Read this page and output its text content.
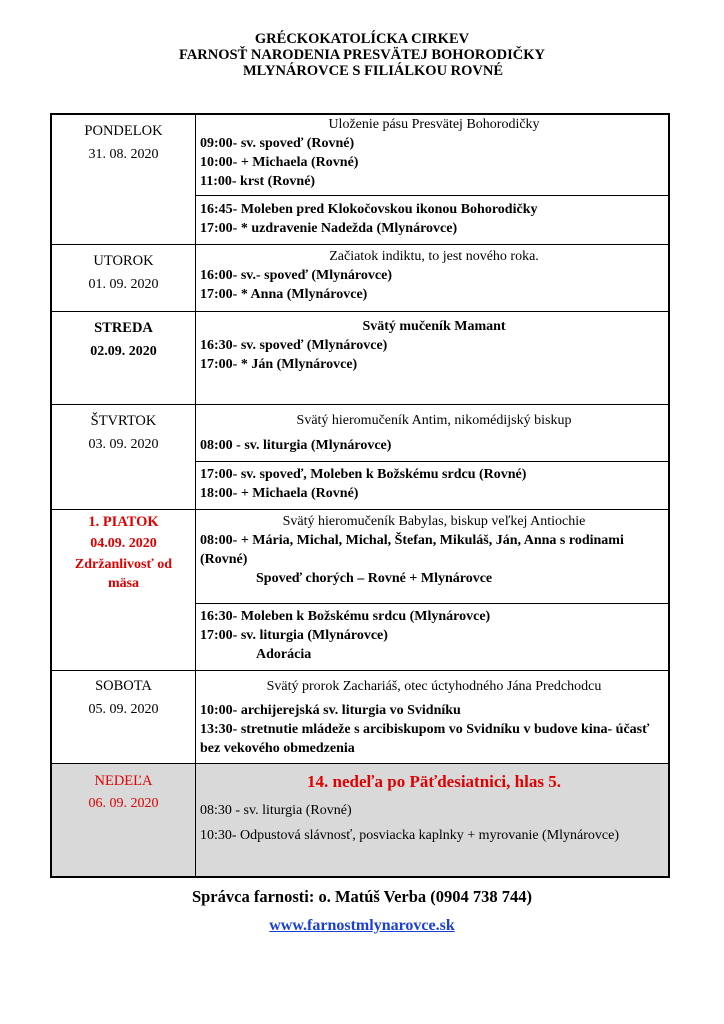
GRÉCKOKATOLÍCKA CIRKEV
FARNOSŤ NARODENIA PRESVÄTEJ BOHORODIČKY
MLYNÁROVCE S FILIÁLKOU ROVNÉ
PONDELOK
31. 08. 2020	Uloženie pásu Presvätej Bohorodičky
09:00- sv. spoveď (Rovné)
10:00- + Michaela (Rovné)
11:00- krst (Rovné)

	16:45- Moleben pred Klokočovskou ikonou Bohorodičky
17:00- * uzdravenie Nadežda (Mlynárovce)

UTOROK
01. 09. 2020	Začiatok indiktu, to jest nového roka.
16:00- sv.- spoveď (Mlynárovce)
17:00- * Anna (Mlynárovce)

STREDA
02.09. 2020	Svätý mučeník Mamant
16:30- sv. spoveď (Mlynárovce)
17:00- * Ján (Mlynárovce)

ŠTVRTOK
03. 09. 2020	Svätý hieromučeník Antim, nikomédijský biskup
08:00 - sv. liturgia (Mlynárovce)

	17:00- sv. spoveď, Moleben k Božskému srdcu (Rovné)
18:00- + Michaela (Rovné)

1. PIATOK
04.09. 2020
Zdržanlivosť od mäsa	Svätý hieromučeník Babylas, biskup veľkej Antiochie
08:00- + Mária, Michal, Michal, Štefan, Mikuláš, Ján, Anna s rodinami (Rovné)
Spoveď chorých – Rovné + Mlynárovce

	16:30- Moleben k Božskému srdcu (Mlynárovce)
17:00- sv. liturgia (Mlynárovce)
Adorácia

SOBOTA
05. 09. 2020	Svätý prorok Zachariáš, otec úctyhodného Jána Predchodcu
10:00- archijerejská sv. liturgia vo Svidníku
13:30- stretnutie mládeže s arcibiskupom vo Svidníku v budove kina- účasť bez vekového obmedzenia

NEDEĽA
06. 09. 2020	14. nedeľa po Päťdesiatnici, hlas 5.
08:30 - sv. liturgia (Rovné)
10:30- Odpustová slávnosť, posviacka kaplnky + myrovanie (Mlynárovce)
Správca farnosti: o. Matúš Verba (0904 738 744)
www.farnostmlynarovce.sk
